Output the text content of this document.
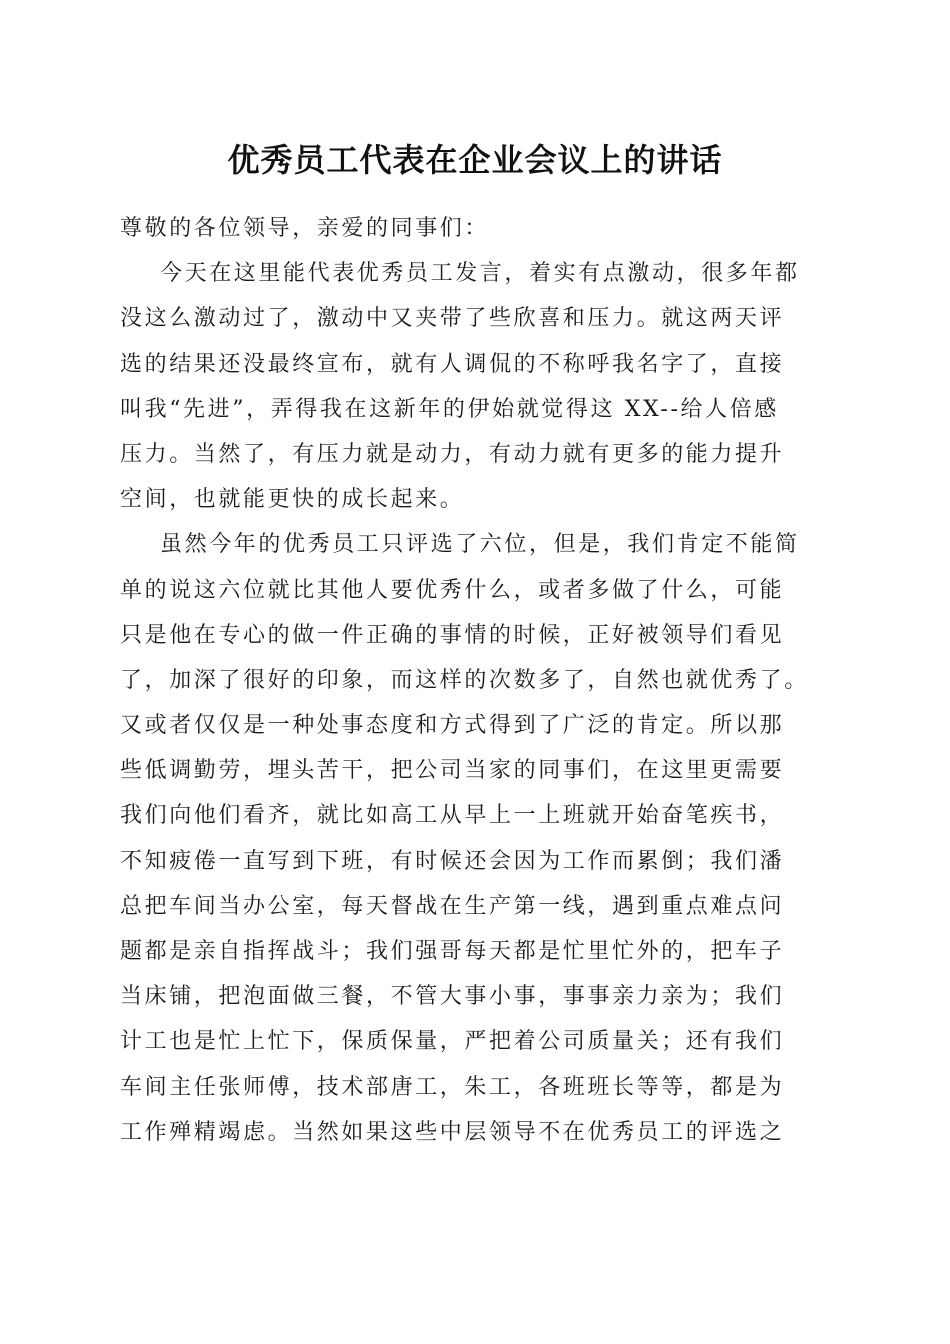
优秀员工代表在企业会议上的讲话
尊敬的各位领导，亲爱的同事们：
今天在这里能代表优秀员工发言，着实有点激动，很多年都
没这么激动过了，激动中又夹带了些欣喜和压力。就这两天评
选的结果还没最终宣布，就有人调侃的不称呼我名字了，直接
叫我“先进”，弄得我在这新年的伊始就觉得这 XX--给人倍感
压力。当然了，有压力就是动力，有动力就有更多的能力提升
空间，也就能更快的成长起来。
虽然今年的优秀员工只评选了六位，但是，我们肯定不能简
单的说这六位就比其他人要优秀什么，或者多做了什么，可能
只是他在专心的做一件正确的事情的时候，正好被领导们看见
了，加深了很好的印象，而这样的次数多了，自然也就优秀了。
又或者仅仅是一种处事态度和方式得到了广泛的肯定。所以那
些低调勤劳，埋头苦干，把公司当家的同事们，在这里更需要
我们向他们看齐，就比如高工从早上一上班就开始奋笔疾书，
不知疲倦一直写到下班，有时候还会因为工作而累倒；我们潘
总把车间当办公室，每天督战在生产第一线，遇到重点难点问
题都是亲自指挥战斗；我们强哥每天都是忙里忙外的，把车子
当床铺，把泡面做三餐，不管大事小事，事事亲力亲为；我们
计工也是忙上忙下，保质保量，严把着公司质量关；还有我们
车间主任张师傅，技术部唐工，朱工，各班班长等等，都是为
工作殚精竭虑。当然如果这些中层领导不在优秀员工的评选之
